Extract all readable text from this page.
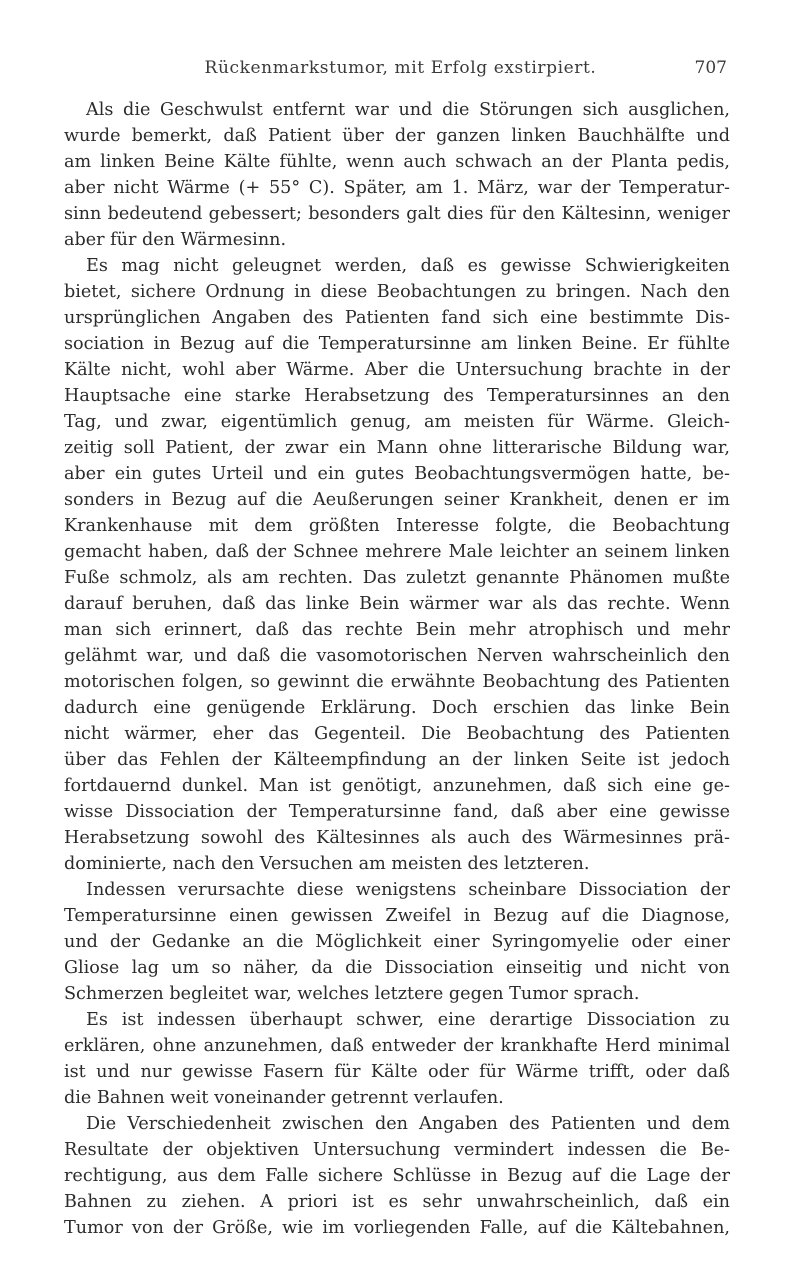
Rückenmarkstumor, mit Erfolg exstirpiert.	707
Als die Geschwulst entfernt war und die Störungen sich ausglichen,
wurde bemerkt, daß Patient über der ganzen linken Bauchhälfte und
am linken Beine Kälte fühlte, wenn auch schwach an der Planta pedis,
aber nicht Wärme (+ 55° C). Später, am 1. März, war der Temperatur-
sinn bedeutend gebessert; besonders galt dies für den Kältesinn, weniger
aber für den Wärmesinn.
Es mag nicht geleugnet werden, daß es gewisse Schwierigkeiten
bietet, sichere Ordnung in diese Beobachtungen zu bringen. Nach den
ursprünglichen Angaben des Patienten fand sich eine bestimmte Dis-
sociation in Bezug auf die Temperatursinne am linken Beine. Er fühlte
Kälte nicht, wohl aber Wärme. Aber die Untersuchung brachte in der
Hauptsache eine starke Herabsetzung des Temperatursinnes an den
Tag, und zwar, eigentümlich genug, am meisten für Wärme. Gleich-
zeitig soll Patient, der zwar ein Mann ohne litterarische Bildung war,
aber ein gutes Urteil und ein gutes Beobachtungsvermögen hatte, be-
sonders in Bezug auf die Aeußerungen seiner Krankheit, denen er im
Krankenhause mit dem größten Interesse folgte, die Beobachtung
gemacht haben, daß der Schnee mehrere Male leichter an seinem linken
Fuße schmolz, als am rechten. Das zuletzt genannte Phänomen mußte
darauf beruhen, daß das linke Bein wärmer war als das rechte. Wenn
man sich erinnert, daß das rechte Bein mehr atrophisch und mehr
gelähmt war, und daß die vasomotorischen Nerven wahrscheinlich den
motorischen folgen, so gewinnt die erwähnte Beobachtung des Patienten
dadurch eine genügende Erklärung. Doch erschien das linke Bein
nicht wärmer, eher das Gegenteil. Die Beobachtung des Patienten
über das Fehlen der Kälteempfindung an der linken Seite ist jedoch
fortdauernd dunkel. Man ist genötigt, anzunehmen, daß sich eine ge-
wisse Dissociation der Temperatursinne fand, daß aber eine gewisse
Herabsetzung sowohl des Kältesinnes als auch des Wärmesinnes prä-
dominierte, nach den Versuchen am meisten des letzteren.
Indessen verursachte diese wenigstens scheinbare Dissociation der
Temperatursinne einen gewissen Zweifel in Bezug auf die Diagnose,
und der Gedanke an die Möglichkeit einer Syringomyelie oder einer
Gliose lag um so näher, da die Dissociation einseitig und nicht von
Schmerzen begleitet war, welches letztere gegen Tumor sprach.
Es ist indessen überhaupt schwer, eine derartige Dissociation zu
erklären, ohne anzunehmen, daß entweder der krankhafte Herd minimal
ist und nur gewisse Fasern für Kälte oder für Wärme trifft, oder daß
die Bahnen weit voneinander getrennt verlaufen.
Die Verschiedenheit zwischen den Angaben des Patienten und dem
Resultate der objektiven Untersuchung vermindert indessen die Be-
rechtigung, aus dem Falle sichere Schlüsse in Bezug auf die Lage der
Bahnen zu ziehen. A priori ist es sehr unwahrscheinlich, daß ein
Tumor von der Größe, wie im vorliegenden Falle, auf die Kältebahnen,
